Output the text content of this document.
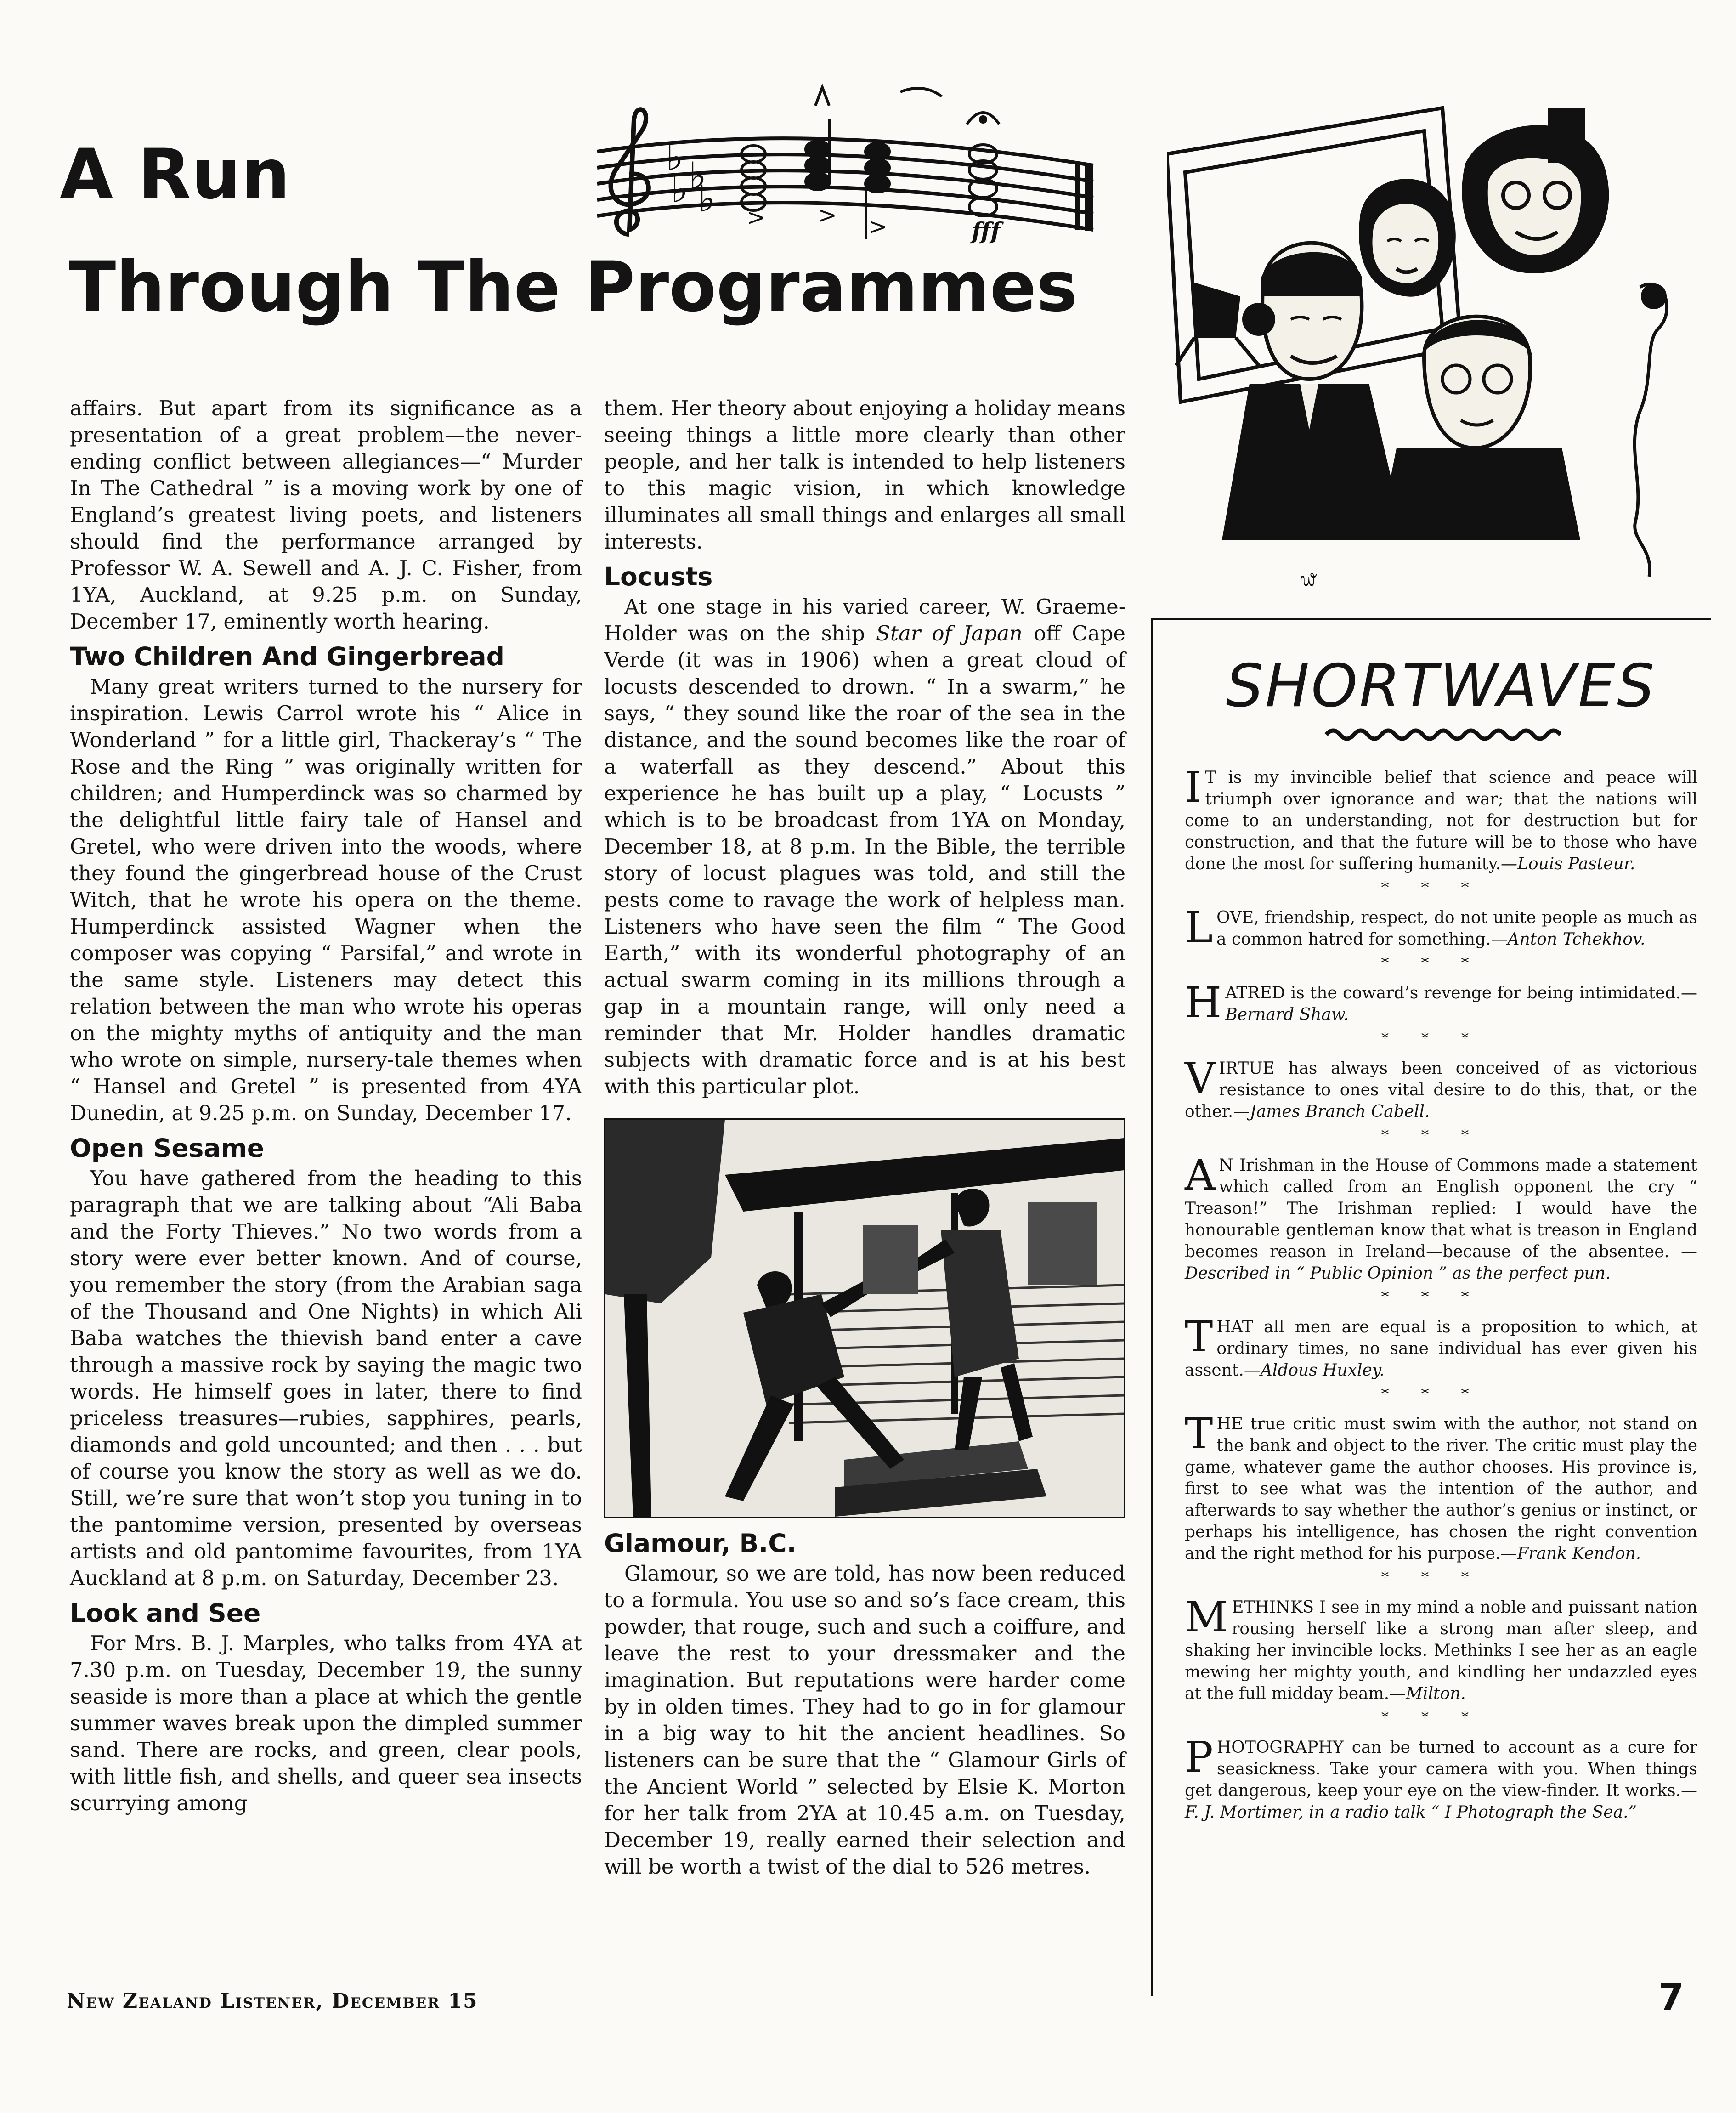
A Run
Through The Programmes
♭ ♭
♭ ♭ > > >	fff
᭙

affairs. But apart from its significance as a presentation of a great problem—the never-ending conflict between allegiances—“ Murder In The Cathedral ” is a moving work by one of England’s greatest living poets, and listeners should find the performance arranged by Professor W. A. Sewell and A. J. C. Fisher, from 1YA, Auckland, at 9.25 p.m. on Sunday, December 17, eminently worth hearing.

Two Children And Gingerbread

Many great writers turned to the nursery for inspiration. Lewis Carrol wrote his “ Alice in Wonderland ” for a little girl, Thackeray’s “ The Rose and the Ring ” was originally written for children; and Humperdinck was so charmed by the delightful little fairy tale of Hansel and Gretel, who were driven into the woods, where they found the gingerbread house of the Crust Witch, that he wrote his opera on the theme. Humperdinck assisted Wagner when the composer was copying “ Parsifal,” and wrote in the same style. Listeners may detect this relation between the man who wrote his operas on the mighty myths of antiquity and the man who wrote on simple, nursery-tale themes when “ Hansel and Gretel ” is presented from 4YA Dunedin, at 9.25 p.m. on Sunday, December 17.

Open Sesame

You have gathered from the heading to this paragraph that we are talking about “Ali Baba and the Forty Thieves.” No two words from a story were ever better known. And of course, you remember the story (from the Arabian saga of the Thousand and One Nights) in which Ali Baba watches the thievish band enter a cave through a massive rock by saying the magic two words. He himself goes in later, there to find priceless treasures—rubies, sapphires, pearls, diamonds and gold uncounted; and then . . . but of course you know the story as well as we do. Still, we’re sure that won’t stop you tuning in to the pantomime version, presented by overseas artists and old pantomime favourites, from 1YA Auckland at 8 p.m. on Saturday, December 23.

Look and See

For Mrs. B. J. Marples, who talks from 4YA at 7.30 p.m. on Tuesday, December 19, the sunny seaside is more than a place at which the gentle summer waves break upon the dimpled summer sand. There are rocks, and green, clear pools, with little fish, and shells, and queer sea insects scurrying among

them. Her theory about enjoying a holiday means seeing things a little more clearly than other people, and her talk is intended to help listeners to this magic vision, in which knowledge illuminates all small things and enlarges all small interests.

Locusts

At one stage in his varied career, W. Graeme-Holder was on the ship Star of Japan off Cape Verde (it was in 1906) when a great cloud of locusts descended to drown. “ In a swarm,” he says, “ they sound like the roar of the sea in the distance, and the sound becomes like the roar of a waterfall as they descend.” About this experience he has built up a play, “ Locusts ” which is to be broadcast from 1YA on Monday, December 18, at 8 p.m. In the Bible, the terrible story of locust plagues was told, and still the pests come to ravage the work of helpless man. Listeners who have seen the film “ The Good Earth,” with its wonderful photography of an actual swarm coming in its millions through a gap in a mountain range, will only need a reminder that Mr. Holder handles dramatic subjects with dramatic force and is at his best with this particular plot.

Glamour, B.C.

Glamour, so we are told, has now been reduced to a formula. You use so and so’s face cream, this powder, that rouge, such and such a coiffure, and leave the rest to your dressmaker and the imagination. But reputations were harder come by in olden times. They had to go in for glamour in a big way to hit the ancient headlines. So listeners can be sure that the “ Glamour Girls of the Ancient World ” selected by Elsie K. Morton for her talk from 2YA at 10.45 a.m. on Tuesday, December 19, really earned their selection and will be worth a twist of the dial to 526 metres.

SHORTWAVES

IT is my invincible belief that science and peace will triumph over ignorance and war; that the nations will come to an understanding, not for destruction but for construction, and that the future will be to those who have done the most for suffering humanity.—Louis Pasteur.

***

LOVE, friendship, respect, do not unite people as much as a common hatred for something.—Anton Tchekhov.

***

HATRED is the coward’s revenge for being intimidated.—Bernard Shaw.

***

VIRTUE has always been conceived of as victorious resistance to ones vital desire to do this, that, or the other.—James Branch Cabell.

***

AN Irishman in the House of Commons made a statement which called from an English opponent the cry “ Treason!” The Irishman replied: I would have the honourable gentleman know that what is treason in England becomes reason in Ireland—because of the absentee. — Described in “ Public Opinion ” as the perfect pun.

***

THAT all men are equal is a proposition to which, at ordinary times, no sane individual has ever given his assent.—Aldous Huxley.

***

THE true critic must swim with the author, not stand on the bank and object to the river. The critic must play the game, whatever game the author chooses. His province is, first to see what was the intention of the author, and afterwards to say whether the author’s genius or instinct, or perhaps his intelligence, has chosen the right convention and the right method for his purpose.—Frank Kendon.

***

METHINKS I see in my mind a noble and puissant nation rousing herself like a strong man after sleep, and shaking her invincible locks. Methinks I see her as an eagle mewing her mighty youth, and kindling her undazzled eyes at the full midday beam.—Milton.

***

PHOTOGRAPHY can be turned to account as a cure for seasickness. Take your camera with you. When things get dangerous, keep your eye on the view-finder. It works.—F. J. Mortimer, in a radio talk “ I Photograph the Sea.”

New Zealand Listener, December 15	7
